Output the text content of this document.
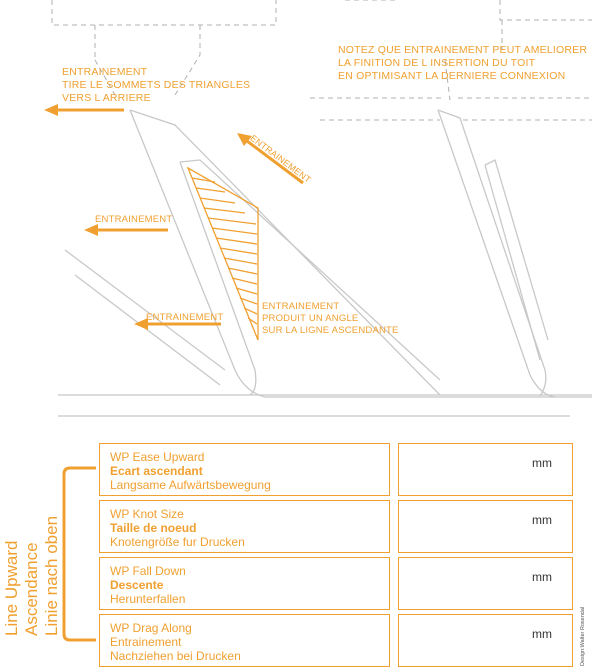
ENTRAINEMENT
TIRE LE SOMMETS DES TRIANGLES
VERS L ARRIERE
NOTEZ QUE ENTRAINEMENT PEUT AMELIORER
LA FINITION DE L INSERTION DU TOIT
EN OPTIMISANT LA DERNIERE CONNEXION
ENTRAINEMENT
ENTRAINEMENT
ENTRAINEMENT
ENTRAINEMENT
PRODUIT UN ANGLE
SUR LA LIGNE ASCENDANTE
Line Upward Ascendance Linie nach oben
WP Ease Upward
Ecart ascendant
Langsame Aufwärtsbewegung
mm
WP Knot Size
Taille de noeud
Knotengröße fur Drucken
mm
WP Fall Down
Descente
Herunterfallen
mm
WP Drag Along
Entrainement
Nachziehen bei Drucken
mm	Design:Walter Rosendal
